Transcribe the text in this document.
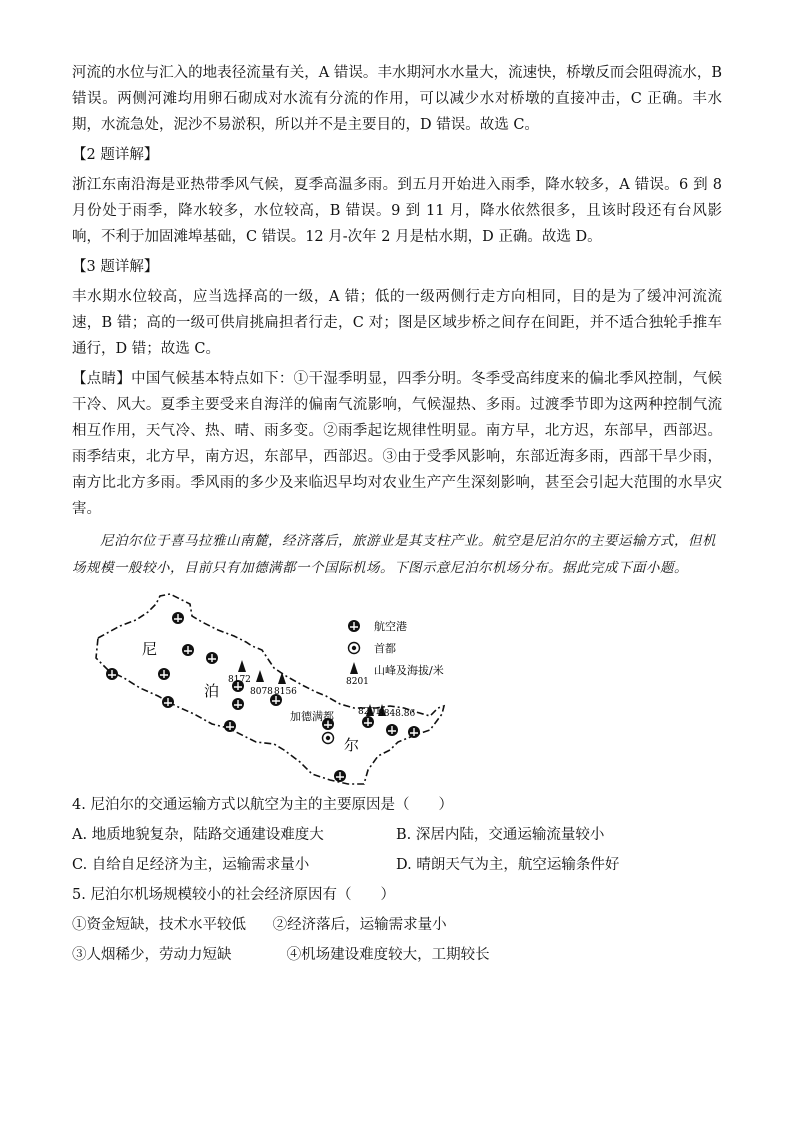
河流的水位与汇入的地表径流量有关，A 错误。丰水期河水水量大，流速快，桥墩反而会阻碍流水，B 错误。两侧河滩均用卵石砌成对水流有分流的作用，可以减少水对桥墩的直接冲击，C 正确。丰水期，水流急处，泥沙不易淤积，所以并不是主要目的，D 错误。故选 C。

【2 题详解】

浙江东南沿海是亚热带季风气候，夏季高温多雨。到五月开始进入雨季，降水较多，A 错误。6 到 8 月份处于雨季，降水较多，水位较高，B 错误。9 到 11 月，降水依然很多，且该时段还有台风影响，不利于加固滩埠基础，C 错误。12 月-次年 2 月是枯水期，D 正确。故选 D。

【3 题详解】

丰水期水位较高，应当选择高的一级，A 错；低的一级两侧行走方向相同，目的是为了缓冲河流流速，B 错；高的一级可供肩挑扁担者行走，C 对；图是区域步桥之间存在间距，并不适合独轮手推车通行，D 错；故选 C。

【点睛】中国气候基本特点如下：①干湿季明显，四季分明。冬季受高纬度来的偏北季风控制，气候干冷、风大。夏季主要受来自海洋的偏南气流影响，气候湿热、多雨。过渡季节即为这两种控制气流相互作用，天气冷、热、晴、雨多变。②雨季起讫规律性明显。南方早，北方迟，东部早，西部迟。雨季结束，北方早，南方迟，东部早，西部迟。③由于受季风影响，东部近海多雨，西部干旱少雨，南方比北方多雨。季风雨的多少及来临迟早均对农业生产产生深刻影响，甚至会引起大范围的水旱灾害。

尼泊尔位于喜马拉雅山南麓，经济落后，旅游业是其支柱产业。航空是尼泊尔的主要运输方式，但机场规模一般较小，目前只有加德满都一个国际机场。下图示意尼泊尔机场分布。据此完成下面小题。

8172
8078 8156
8201
8848.86
尼
泊
尔
加德满都
航空港
首都
8201
山峰及海拔/米
4. 尼泊尔的交通运输方式以航空为主的主要原因是（　　）
A. 地质地貌复杂，陆路交通建设难度大	B. 深居内陆，交通运输流量较小
C. 自给自足经济为主，运输需求量小	D. 晴朗天气为主，航空运输条件好
5. 尼泊尔机场规模较小的社会经济原因有（　　）
①资金短缺，技术水平较低 ②经济落后，运输需求量小
③人烟稀少，劳动力短缺	④机场建设难度较大，工期较长
